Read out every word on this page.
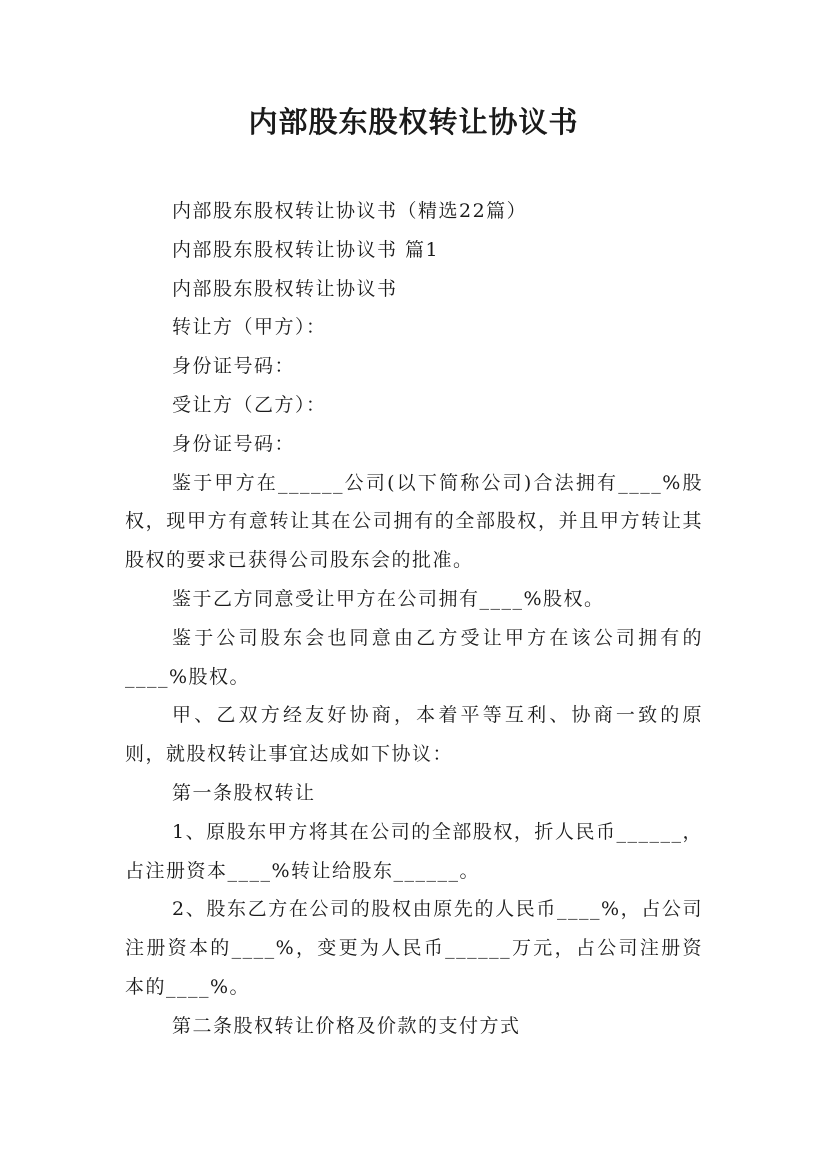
内部股东股权转让协议书

内部股东股权转让协议书（精选22篇）

内部股东股权转让协议书 篇1

内部股东股权转让协议书

转让方（甲方）：

身份证号码：

受让方（乙方）：

身份证号码：

鉴于甲方在______公司(以下简称公司)合法拥有____%股权，现甲方有意转让其在公司拥有的全部股权，并且甲方转让其股权的要求已获得公司股东会的批准。

鉴于乙方同意受让甲方在公司拥有____%股权。

鉴于公司股东会也同意由乙方受让甲方在该公司拥有的____%股权。

甲、乙双方经友好协商，本着平等互利、协商一致的原则，就股权转让事宜达成如下协议：

第一条股权转让

1、原股东甲方将其在公司的全部股权，折人民币______，占注册资本____%转让给股东______。

2、股东乙方在公司的股权由原先的人民币____%，占公司注册资本的____%，变更为人民币______万元，占公司注册资本的____%。

第二条股权转让价格及价款的支付方式
